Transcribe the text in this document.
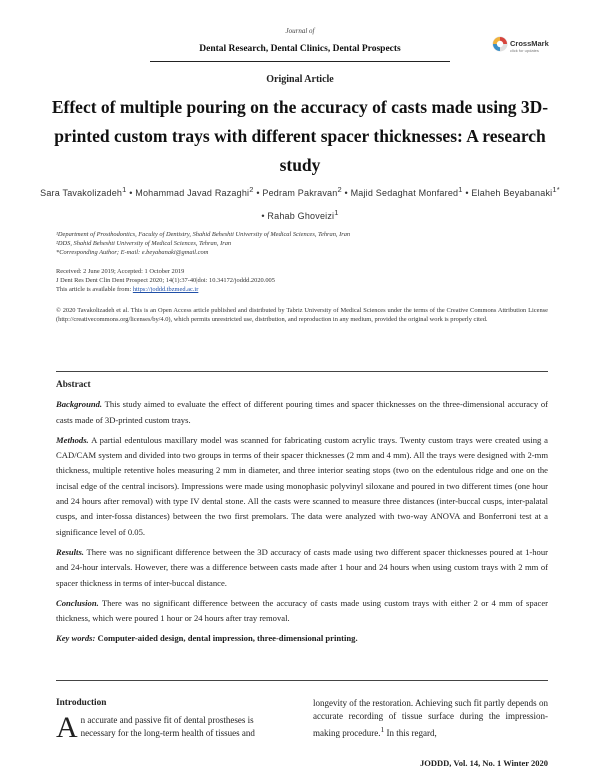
Journal of
Dental Research, Dental Clinics, Dental Prospects
CrossMark
click for updates
Original Article
Effect of multiple pouring on the accuracy of casts made using 3D-printed custom trays with different spacer thicknesses: A research study
Sara Tavakolizadeh$^1$ • Mohammad Javad Razaghi$^2$ • Pedram Pakravan$^2$ • Majid Sedaghat Monfared$^1$ • Elaheh Beyabanaki$^{1*}$ • Rahab Ghoveizi$^1$
¹Department of Prosthodontics, Faculty of Dentistry, Shahid Beheshti University of Medical Sciences, Tehran, Iran
²DDS, Shahid Beheshti University of Medical Sciences, Tehran, Iran
*Corresponding Author; E-mail: e.beyabanaki@gmail.com
Received: 2 June 2019; Accepted: 1 October 2019
J Dent Res Dent Clin Dent Prospect 2020; 14(1):37-40|doi: 10.34172/joddd.2020.005
This article is available from: https://joddd.tbzmed.ac.ir
© 2020 Tavakolizadeh et al. This is an Open Access article published and distributed by Tabriz University of Medical Sciences under the terms of the Creative Commons Attribution License (http://creativecommons.org/licenses/by/4.0), which permits unrestricted use, distribution, and reproduction in any medium, provided the original work is properly cited.
Abstract

Background. This study aimed to evaluate the effect of different pouring times and spacer thicknesses on the three-dimensional accuracy of casts made of 3D-printed custom trays.

Methods. A partial edentulous maxillary model was scanned for fabricating custom acrylic trays. Twenty custom trays were created using a CAD/CAM system and divided into two groups in terms of their spacer thicknesses (2 mm and 4 mm). All the trays were designed with 2-mm thickness, multiple retentive holes measuring 2 mm in diameter, and three interior seating stops (two on the edentulous ridge and one on the incisal edge of the central incisors). Impressions were made using monophasic polyvinyl siloxane and poured in two different times (one hour and 24 hours after removal) with type IV dental stone. All the casts were scanned to measure three distances (inter-buccal cusps, inter-palatal cusps, and inter-fossa distances) between the two first premolars. The data were analyzed with two-way ANOVA and Bonferroni test at a significance level of 0.05.

Results. There was no significant difference between the 3D accuracy of casts made using two different spacer thicknesses poured at 1-hour and 24-hour intervals. However, there was a difference between casts made after 1 hour and 24 hours when using custom trays with 2 mm of spacer thickness in terms of inter-buccal distance.

Conclusion. There was no significant difference between the accuracy of casts made using custom trays with either 2 or 4 mm of spacer thickness, which were poured 1 hour or 24 hours after tray removal.

Key words: Computer-aided design, dental impression, three-dimensional printing.

Introduction
An accurate and passive fit of dental prostheses is necessary for the long-term health of tissues and
longevity of the restoration. Achieving such fit partly depends on accurate recording of tissue surface during the impression-making procedure.$^1$ In this regard,
JODDD, Vol. 14, No. 1 Winter 2020
